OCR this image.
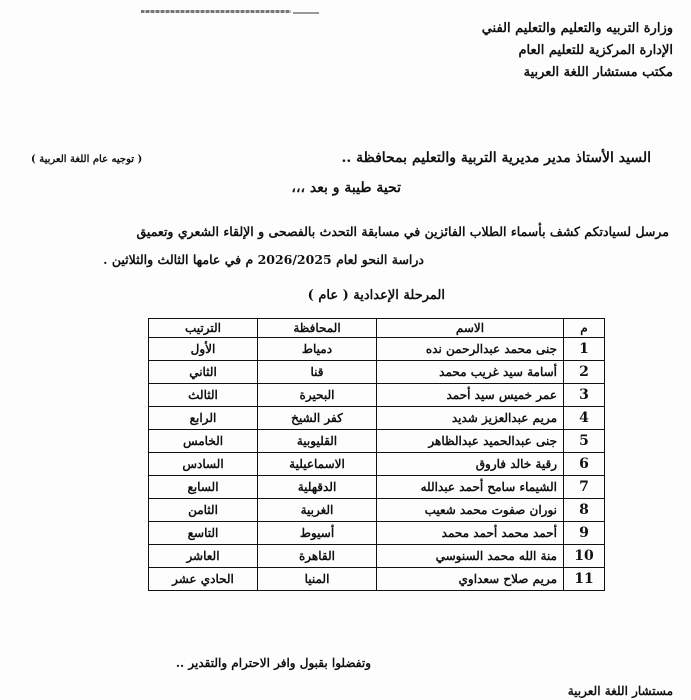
وزارة التربيه والتعليم والتعليم الفني
الإدارة المركزية للتعليم العام
مكتب مستشار اللغة العربية
السيد الأستاذ مدير مديرية التربية والتعليم بمحافظة ..
( توجيه عام اللغة العربية )
تحية طيبة و بعد ،،،
مرسل لسيادتكم كشف بأسماء الطلاب الفائزين في مسابقة التحدث بالفصحى و الإلقاء الشعري وتعميق
دراسة النحو لعام 2026/2025 م في عامها الثالث والثلاثين .
المرحلة الإعدادية ( عام )
م	الاسم	المحافظة	الترتيب
1	جنى محمد عبدالرحمن نده	دمياط	الأول
2	أسامة سيد غريب محمد	قنا	الثاني
3	عمر خميس سيد أحمد	البحيرة	الثالث
4	مريم عبدالعزيز شديد	كفر الشيخ	الرابع
5	جنى عبدالحميد عبدالظاهر	القليوبية	الخامس
6	رقية خالد فاروق	الاسماعيلية	السادس
7	الشيماء سامح أحمد عبدالله	الدقهلية	السابع
8	نوران صفوت محمد شعيب	الغربية	الثامن
9	أحمد محمد أحمد محمد	أسيوط	التاسع
10	منة الله محمد السنوسي	القاهرة	العاشر
11	مريم صلاح سعداوي	المنيا	الحادي عشر
وتفضلوا بقبول وافر الاحترام والتقدير ..
مستشار اللغة العربية
